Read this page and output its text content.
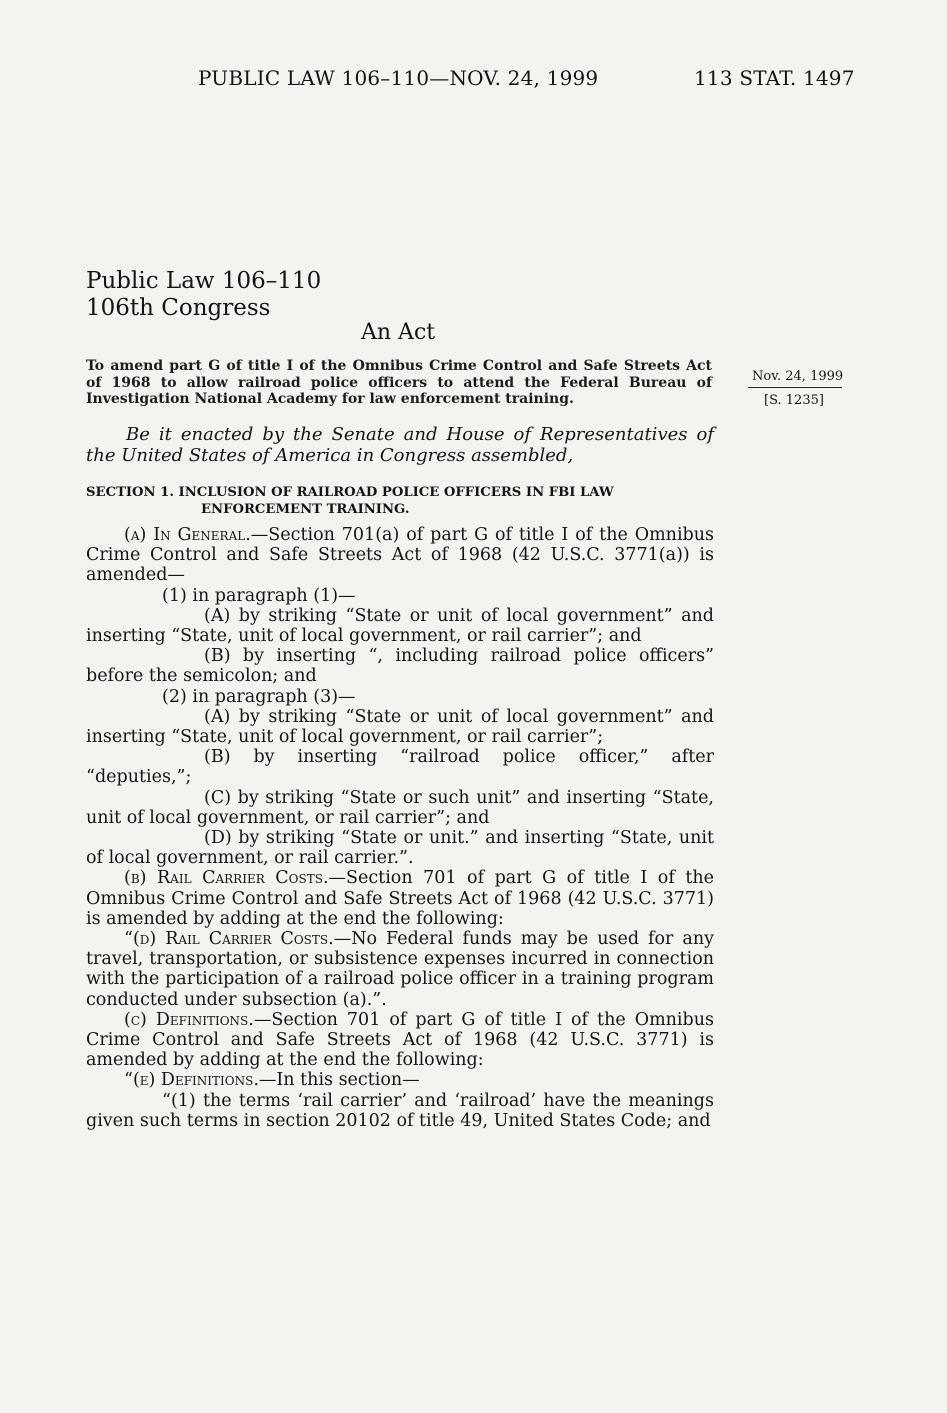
PUBLIC LAW 106–110—NOV. 24, 1999	113 STAT. 1497
Public Law 106–110
106th Congress
An Act

To amend part G of title I of the Omnibus Crime Control and Safe Streets Act of 1968 to allow railroad police officers to attend the Federal Bureau of Investigation National Academy for law enforcement training.

Nov. 24, 1999
[S. 1235]

Be it enacted by the Senate and House of Representatives of the United States of America in Congress assembled,

SECTION 1. INCLUSION OF RAILROAD POLICE OFFICERS IN FBI LAW
ENFORCEMENT TRAINING.

(a) In General.—Section 701(a) of part G of title I of the Omnibus Crime Control and Safe Streets Act of 1968 (42 U.S.C. 3771(a)) is amended—

(1) in paragraph (1)—

(A) by striking “State or unit of local government” and inserting “State, unit of local government, or rail carrier”; and

(B) by inserting “, including railroad police officers” before the semicolon; and

(2) in paragraph (3)—

(A) by striking “State or unit of local government” and inserting “State, unit of local government, or rail carrier”;

(B) by inserting “railroad police officer,” after “deputies,”;

(C) by striking “State or such unit” and inserting “State, unit of local government, or rail carrier”; and

(D) by striking “State or unit.” and inserting “State, unit of local government, or rail carrier.”.

(b) Rail Carrier Costs.—Section 701 of part G of title I of the Omnibus Crime Control and Safe Streets Act of 1968 (42 U.S.C. 3771) is amended by adding at the end the following:

“(d) Rail Carrier Costs.—No Federal funds may be used for any travel, transportation, or subsistence expenses incurred in connection with the participation of a railroad police officer in a training program conducted under subsection (a).”.

(c) Definitions.—Section 701 of part G of title I of the Omnibus Crime Control and Safe Streets Act of 1968 (42 U.S.C. 3771) is amended by adding at the end the following:

“(e) Definitions.—In this section—

“(1) the terms ‘rail carrier’ and ‘railroad’ have the meanings given such terms in section 20102 of title 49, United States Code; and
